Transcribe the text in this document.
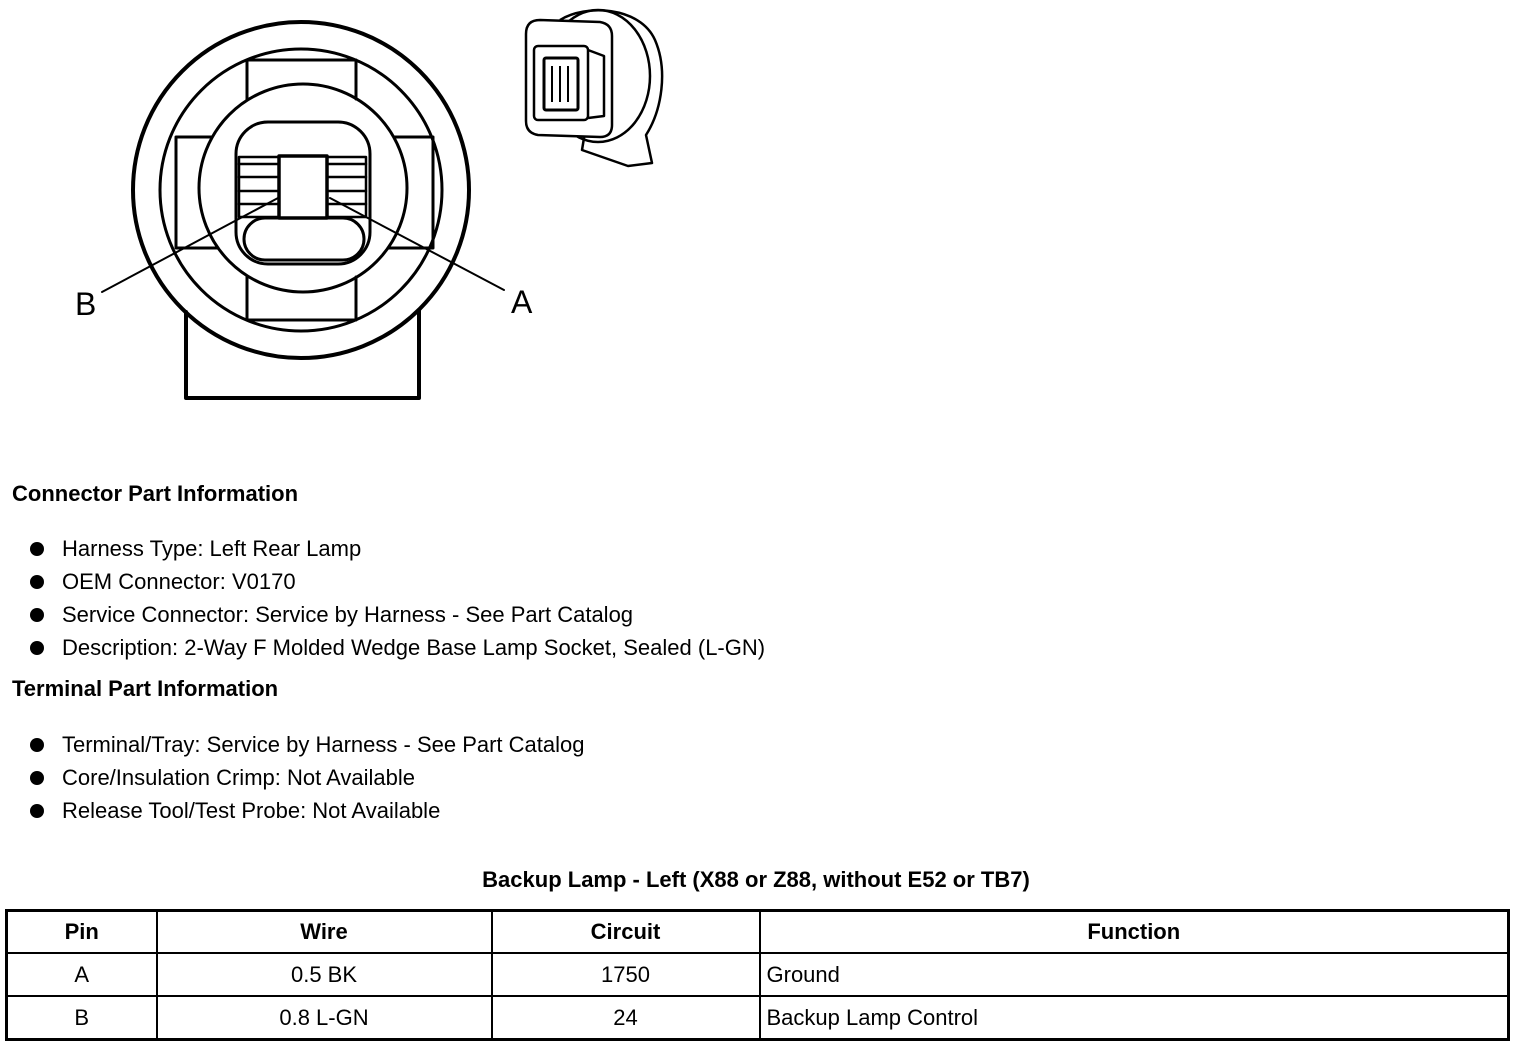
B	A
Connector Part Information
Harness Type: Left Rear Lamp
OEM Connector: V0170
Service Connector: Service by Harness - See Part Catalog
Description: 2-Way F Molded Wedge Base Lamp Socket, Sealed (L-GN)
Terminal Part Information
Terminal/Tray: Service by Harness - See Part Catalog
Core/Insulation Crimp: Not Available
Release Tool/Test Probe: Not Available
Backup Lamp - Left (X88 or Z88, without E52 or TB7)
Pin	Wire	Circuit	Function
A	0.5 BK	1750	Ground
B	0.8 L-GN	24	Backup Lamp Control
